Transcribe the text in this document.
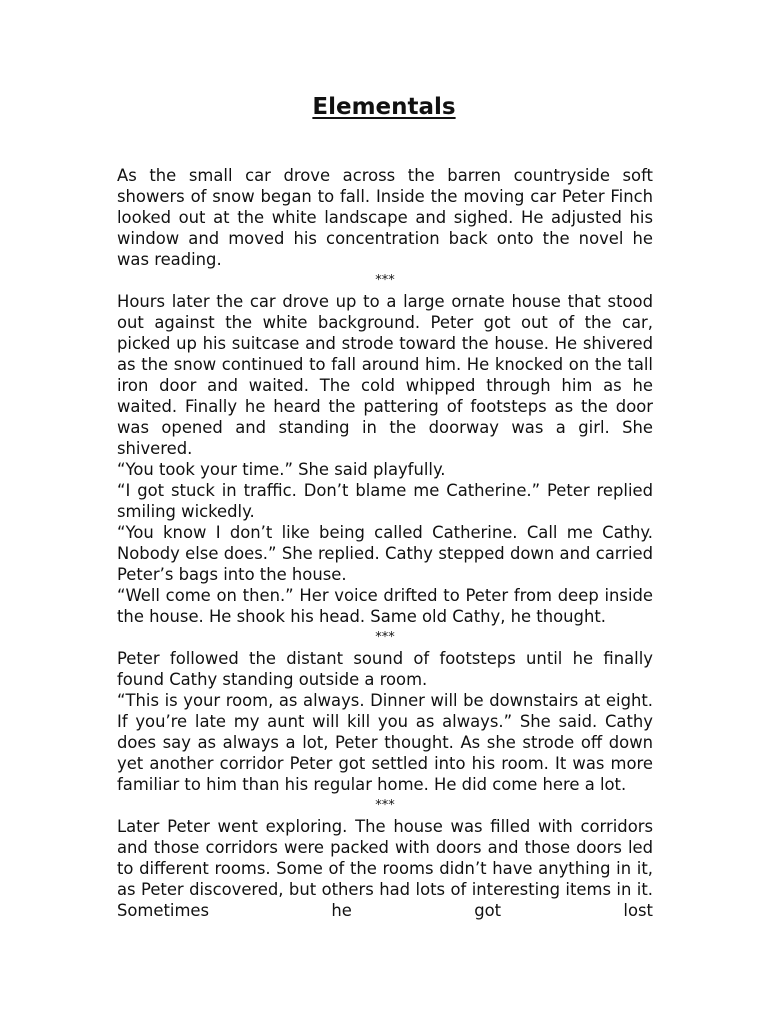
Elementals

As the small car drove across the barren countryside soft showers of snow began to fall. Inside the moving car Peter Finch looked out at the white landscape and sighed. He adjusted his window and moved his concentration back onto the novel he was reading.

***

Hours later the car drove up to a large ornate house that stood out against the white background. Peter got out of the car, picked up his suitcase and strode toward the house. He shivered as the snow continued to fall around him. He knocked on the tall iron door and waited. The cold whipped through him as he waited. Finally he heard the pattering of footsteps as the door was opened and standing in the doorway was a girl. She shivered.

“You took your time.” She said playfully.

“I got stuck in traffic. Don’t blame me Catherine.” Peter replied smiling wickedly.

“You know I don’t like being called Catherine. Call me Cathy. Nobody else does.” She replied. Cathy stepped down and carried Peter’s bags into the house.

“Well come on then.” Her voice drifted to Peter from deep inside the house. He shook his head. Same old Cathy, he thought.

***

Peter followed the distant sound of footsteps until he finally found Cathy standing outside a room.

“This is your room, as always. Dinner will be downstairs at eight. If you’re late my aunt will kill you as always.” She said. Cathy does say as always a lot, Peter thought. As she strode off down yet another corridor Peter got settled into his room. It was more familiar to him than his regular home. He did come here a lot.

***

Later Peter went exploring. The house was filled with corridors and those corridors were packed with doors and those doors led to different rooms. Some of the rooms didn’t have anything in it, as Peter discovered, but others had lots of interesting items in it. Sometimes he got lost
